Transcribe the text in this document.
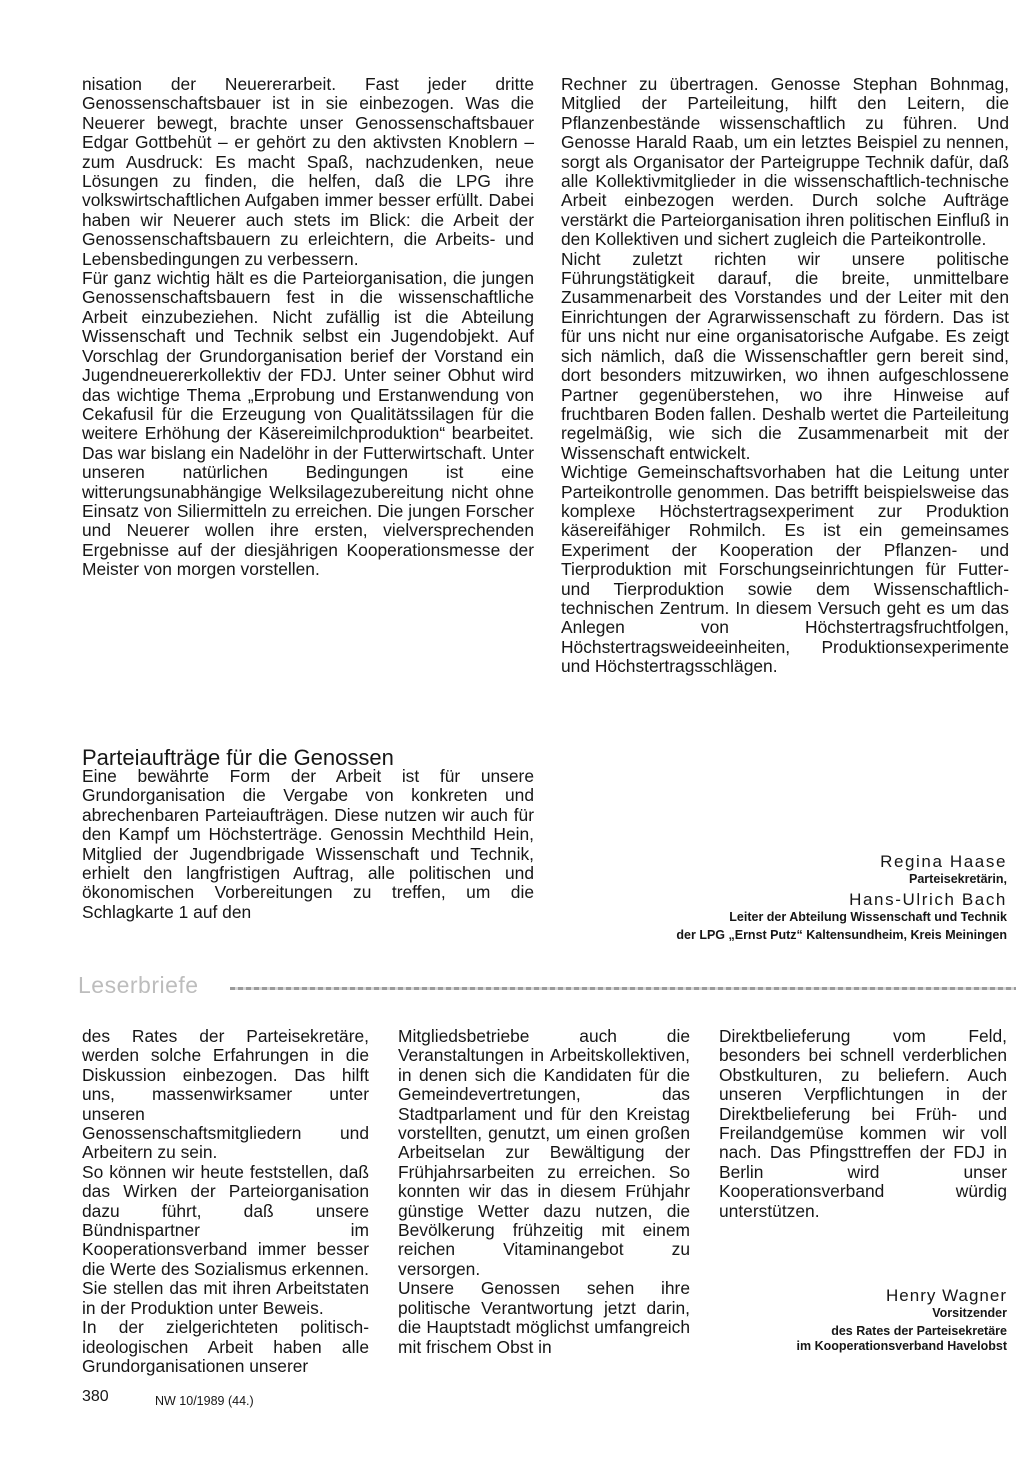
nisation der Neuererarbeit. Fast jeder dritte Genossenschaftsbauer ist in sie einbezogen. Was die Neuerer bewegt, brachte unser Genossenschaftsbauer Edgar Gottbehüt – er gehört zu den aktivsten Knoblern – zum Ausdruck: Es macht Spaß, nachzudenken, neue Lösungen zu finden, die helfen, daß die LPG ihre volkswirtschaftlichen Aufgaben immer besser erfüllt. Dabei haben wir Neuerer auch stets im Blick: die Arbeit der Genossenschaftsbauern zu erleichtern, die Arbeits- und Lebensbedingungen zu verbessern.

Für ganz wichtig hält es die Parteiorganisation, die jungen Genossenschaftsbauern fest in die wissenschaftliche Arbeit einzubeziehen. Nicht zufällig ist die Abteilung Wissenschaft und Technik selbst ein Jugendobjekt. Auf Vorschlag der Grundorganisation berief der Vorstand ein Jugendneuererkollektiv der FDJ. Unter seiner Obhut wird das wichtige Thema „Erprobung und Erstanwendung von Cekafusil für die Erzeugung von Qualitätssilagen für die weitere Erhöhung der Käsereimilchproduktion“ bearbeitet. Das war bislang ein Nadelöhr in der Futterwirtschaft. Unter unseren natürlichen Bedingungen ist eine witterungsunabhängige Welksilagezubereitung nicht ohne Einsatz von Siliermitteln zu erreichen. Die jungen Forscher und Neuerer wollen ihre ersten, vielversprechenden Ergebnisse auf der diesjährigen Kooperationsmesse der Meister von morgen vorstellen.

Parteiaufträge für die Genossen

Eine bewährte Form der Arbeit ist für unsere Grundorganisation die Vergabe von konkreten und abrechenbaren Parteiaufträgen. Diese nutzen wir auch für den Kampf um Höchsterträge. Genossin Mechthild Hein, Mitglied der Jugendbrigade Wissenschaft und Technik, erhielt den langfristigen Auftrag, alle politischen und ökonomischen Vorbereitungen zu treffen, um die Schlagkarte 1 auf den

Rechner zu übertragen. Genosse Stephan Bohnmag, Mitglied der Parteileitung, hilft den Leitern, die Pflanzenbestände wissenschaftlich zu führen. Und Genosse Harald Raab, um ein letztes Beispiel zu nennen, sorgt als Organisator der Parteigruppe Technik dafür, daß alle Kollektivmitglieder in die wissenschaftlich-technische Arbeit einbezogen werden. Durch solche Aufträge verstärkt die Parteiorganisation ihren politischen Einfluß in den Kollektiven und sichert zugleich die Parteikontrolle.

Nicht zuletzt richten wir unsere politische Führungstätigkeit darauf, die breite, unmittelbare Zusammenarbeit des Vorstandes und der Leiter mit den Einrichtungen der Agrarwissenschaft zu fördern. Das ist für uns nicht nur eine organisatorische Aufgabe. Es zeigt sich nämlich, daß die Wissenschaftler gern bereit sind, dort besonders mitzuwirken, wo ihnen aufgeschlossene Partner gegenüberstehen, wo ihre Hinweise auf fruchtbaren Boden fallen. Deshalb wertet die Parteileitung regelmäßig, wie sich die Zusammenarbeit mit der Wissenschaft entwickelt.

Wichtige Gemeinschaftsvorhaben hat die Leitung unter Parteikontrolle genommen. Das betrifft beispielsweise das komplexe Höchstertragsexperiment zur Produktion käsereifähiger Rohmilch. Es ist ein gemeinsames Experiment der Kooperation der Pflanzen- und Tierproduktion mit Forschungseinrichtungen für Futter- und Tierproduktion sowie dem Wissenschaftlich-technischen Zentrum. In diesem Versuch geht es um das Anlegen von Höchstertragsfruchtfolgen, Höchstertragsweideeinheiten, Produktionsexperimente und Höchstertragsschlägen.

Regina Haase
Parteisekretärin,
Hans-Ulrich Bach
Leiter der Abteilung Wissenschaft und Technik
der LPG „Ernst Putz“ Kaltensundheim, Kreis Meiningen
Leserbriefe

des Rates der Parteisekretäre, werden solche Erfahrungen in die Diskussion einbezogen. Das hilft uns, massenwirksamer unter unseren Genossenschaftsmitgliedern und Arbeitern zu sein.

So können wir heute feststellen, daß das Wirken der Parteiorganisation dazu führt, daß unsere Bündnispartner im Kooperationsverband immer besser die Werte des Sozialismus erkennen. Sie stellen das mit ihren Arbeitstaten in der Produktion unter Beweis.

In der zielgerichteten politisch-ideologischen Arbeit haben alle Grundorganisationen unserer

Mitgliedsbetriebe auch die Veranstaltungen in Arbeitskollektiven, in denen sich die Kandidaten für die Gemeindevertretungen, das Stadtparlament und für den Kreistag vorstellten, genutzt, um einen großen Arbeitselan zur Bewältigung der Frühjahrsarbeiten zu erreichen. So konnten wir das in diesem Frühjahr günstige Wetter dazu nutzen, die Bevölkerung frühzeitig mit einem reichen Vitaminangebot zu versorgen.

Unsere Genossen sehen ihre politische Verantwortung jetzt darin, die Hauptstadt möglichst umfangreich mit frischem Obst in

Direktbelieferung vom Feld, besonders bei schnell verderblichen Obstkulturen, zu beliefern. Auch unseren Verpflichtungen in der Direktbelieferung bei Früh- und Freilandgemüse kommen wir voll nach. Das Pfingsttreffen der FDJ in Berlin wird unser Kooperationsverband würdig unterstützen.

Henry Wagner
Vorsitzender
des Rates der Parteisekretäre
im Kooperationsverband Havelobst
380	NW 10/1989 (44.)
